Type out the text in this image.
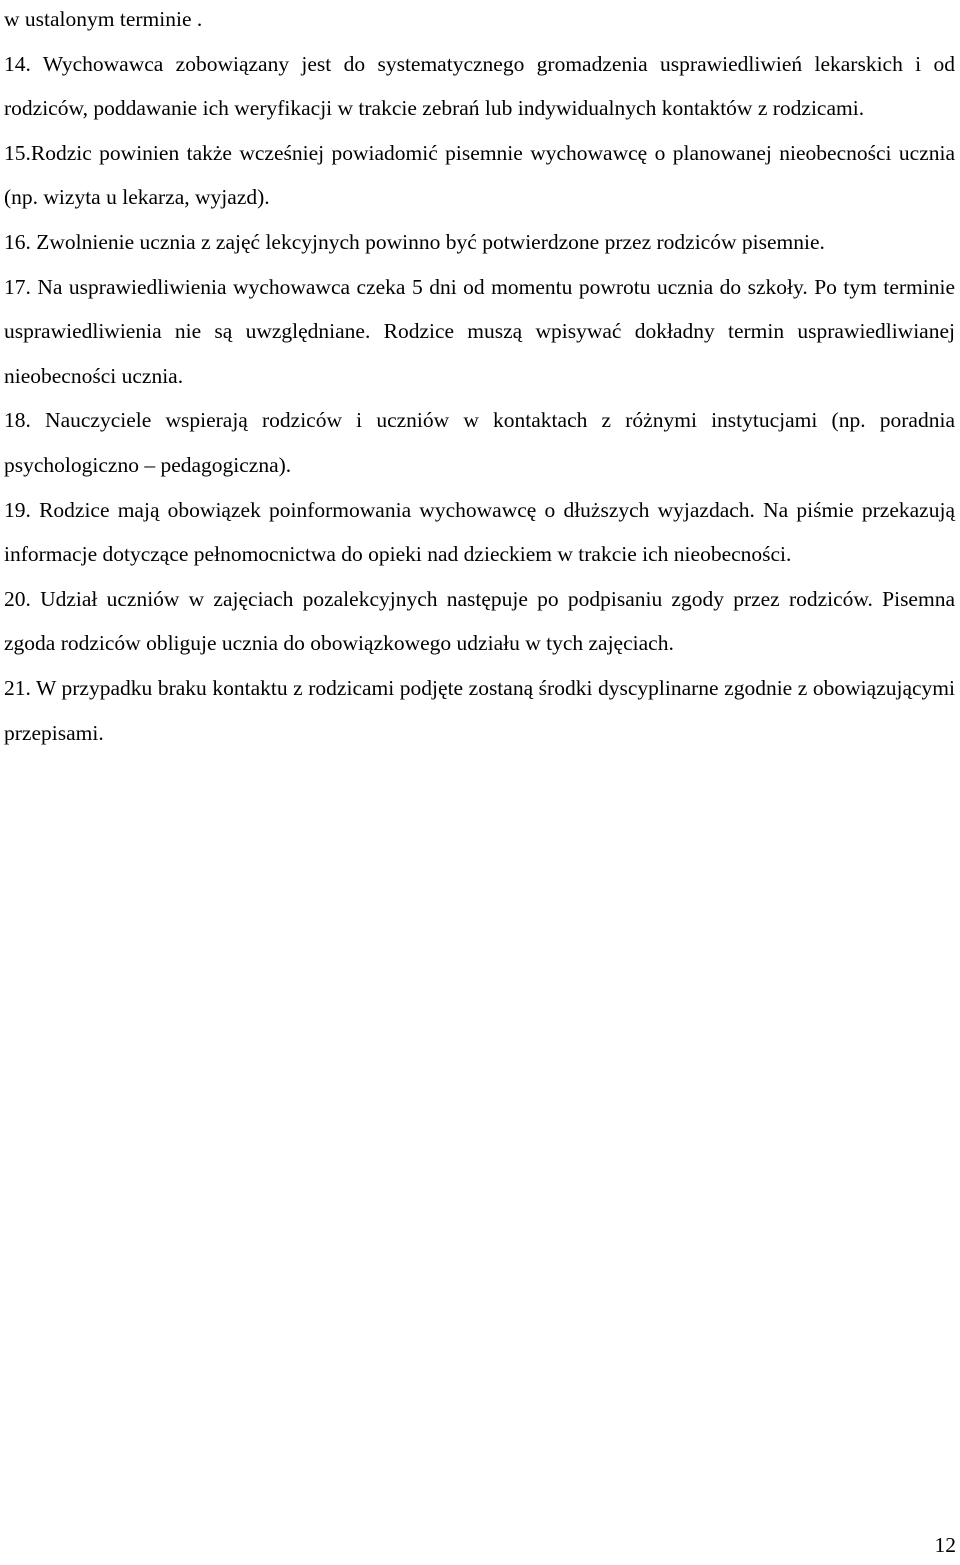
w ustalonym terminie .

14. Wychowawca zobowiązany jest do systematycznego gromadzenia usprawiedliwień lekarskich i od rodziców, poddawanie ich weryfikacji w trakcie zebrań lub indywidualnych kontaktów z rodzicami.

15.Rodzic powinien także wcześniej powiadomić pisemnie wychowawcę o planowanej nieobecności ucznia (np. wizyta u lekarza, wyjazd).

16. Zwolnienie ucznia z zajęć lekcyjnych powinno być potwierdzone przez rodziców pisemnie.

17. Na usprawiedliwienia wychowawca czeka 5 dni od momentu powrotu ucznia do szkoły. Po tym terminie usprawiedliwienia nie są uwzględniane. Rodzice muszą wpisywać dokładny termin usprawiedliwianej nieobecności ucznia.

18. Nauczyciele wspierają rodziców i uczniów w kontaktach z różnymi instytucjami (np. poradnia psychologiczno – pedagogiczna).

19. Rodzice mają obowiązek poinformowania wychowawcę o dłuższych wyjazdach. Na piśmie przekazują informacje dotyczące pełnomocnictwa do opieki nad dzieckiem w trakcie ich nieobecności.

20. Udział uczniów w zajęciach pozalekcyjnych następuje po podpisaniu zgody przez rodziców. Pisemna zgoda rodziców obliguje ucznia do obowiązkowego udziału w tych zajęciach.

21. W przypadku braku kontaktu z rodzicami podjęte zostaną środki dyscyplinarne zgodnie z obowiązującymi przepisami.

12
